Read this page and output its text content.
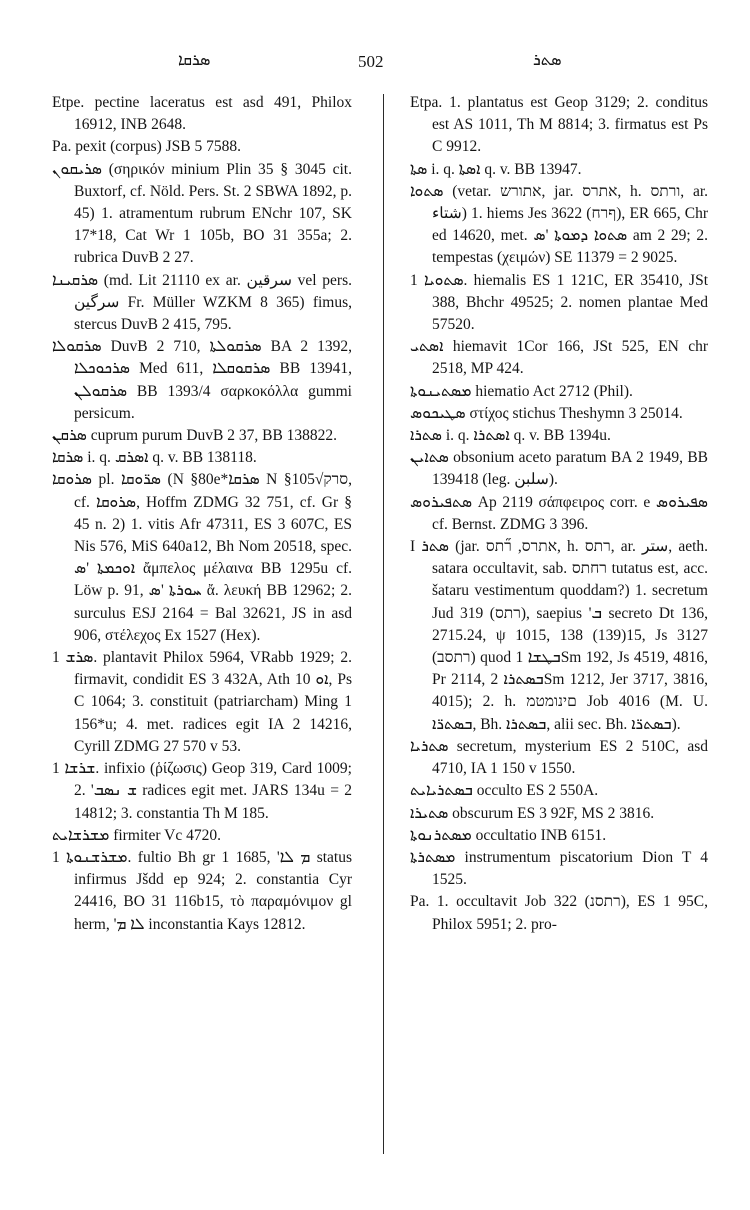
ܣܪܩܐ	502	ܣܬܪ

Etpe. pectine laceratus est asd 491, Philox 16912, INB 2648.

Pa. pexit (corpus) JSB 5 7588.

ܣܪܝܩܘܢ (σηρικόν minium Plin 35 § 3045 cit. Buxtorf, cf. Nöld. Pers. St. 2 SBWA 1892, p. 45) 1. atramentum rubrum ENchr 107, SK 17*18, Cat Wr 1 105b, BO 31 355a; 2. rubrica DuvB 2 27.

ܣܪܩܝܢܐ (md. Lit 21110 ex ar. سرقين vel pers. سرگين Fr. Müller WZKM 8 365) fimus, stercus DuvB 2 415, 795.

ܣܪܩܘܠܐ DuvB 2 710, ܣܪܩܘܠܬܐ BA 2 1392, ܣܪܟܘܟܠܐ Med 611, ܣܪܩܘܩܠܐ BB 13941, ܣܪܩܘܠܢ BB 1393/4 σαρκοκόλλα gummi persicum.

ܣܪܩܢ cuprum purum DuvB 2 37, BB 138822.

ܣܪܩܐ i. q. ܐܣܪܩ q. v. BB 138118.

ܣܪܘܩܐ pl. ܣܪ̈ܘܩܐ (N §80e*ܣܪܩܐ N §105√סרק, cf. ܣܪܘܩܐ, Hoffm ZDMG 32 751, cf. Gr § 45 n. 2) 1. vitis Afr 47311, ES 3 607C, ES Nis 576, MiS 640a12, Bh Nom 20518, spec. ܐܘܟܡܬܐ 'ܣ ἄμπελος μέλαινα BB 1295u cf. Löw p. 91, ܚܘܪܬܐ 'ܣ ἄ. λευκή BB 12962; 2. surculus ESJ 2164 = Bal 32621, JS in asd 906, στέλεχος Ex 1527 (Hex).

ܣܪܫ 1. plantavit Philox 5964, VRabb 1929; 2. firmavit, condidit ES 3 432A, Ath ܐܘ 10, Ps C 1064; 3. constituit (patriarcham) Ming 1 156*u; 4. met. radices egit IA 2 14216, Cyrill ZDMG 27 570 v 53.

ܫܪܫܐ 1. infixio (ῥίζωσις) Geop 319, Card 1009; 2. 'ܫ ܢܣܒ radices egit met. JARS 134u = 2 14812; 3. constantia Th M 185.

ܡܫܪܫܐܝܬ firmiter Vc 4720.

ܡܫܪܫܢܘܬܐ 1. fultio Bh gr 1 1685, 'ܡ ܠܐ status infirmus Jšdd ep 924; 2. constantia Cyr 24416, BO 31 116b15, τὸ παραμόνιμον gl herm, 'ܠܐ ܡ inconstantia Kays 12812.

Etpa. 1. plantatus est Geop 3129; 2. conditus est AS 1011, Th M 8814; 3. firmatus est Ps C 9912.

ܣܬܐ i. q. ܐܣܬܐ q. v. BB 13947.

ܣܬܘܐ (vetar. אתורש, jar. אתרס, h. ורתס, ar. شتاء) 1. hiems Jes 3622 (ףרח), ER 665, Chr ed 14620, met. ܣܬܘܐ ܕܡܘܬܐ 'ܣ am 2 29; 2. tempestas (χειμών) SE 11379 = 2 9025.

ܣܬܘܝܐ 1. hiemalis ES 1 121C, ER 35410, JSt 388, Bhchr 49525; 2. nomen plantae Med 57520.

ܐܣܬܝ hiemavit 1Cor 166, JSt 525, EN chr 2518, MP 424.

ܡܣܬܝܢܘܬܐ hiematio Act 2712 (Phil).

ܣܛܝܟܘܣ στίχος stichus Theshymn 3 25014.

ܣܬܪܐ i. q. ܐܣܬܪܐ q. v. BB 1394u.

ܣܬܐܝܢ obsonium aceto paratum BA 2 1949, BB 139418 (leg. سلبن).

ܣܬܦܝܪܘܣ Ap 2119 σάπφειρος corr. e ܣܦܝܪܘܣ cf. Bernst. ZDMG 3 396.

I ܣܬܪ (jar. אתרס, ר֞תס, h. רתס, ar. ستر, aeth. satara occultavit, sab. רחתס tutatus est, acc. šataru vestimentum quoddam?) 1. secretum Jud 319 (רתס), saepius 'ܒ secreto Dt 136, 2715.24, ψ 1015, 138 (139)15, Js 3127 (רתסב) quod ܒܛܫܐ 1Sm 192, Js 4519, 4816, Pr 2114, ܒܣܬܪܐ 2Sm 1212, Jer 3717, 3816, 4015); 2. h. םינומטמ Job 4016 (M. U. ܒܣܬܪ̈ܐ, Bh. ܒܣܬܪܐ, alii sec. Bh. ܒܣܬܪ̈ܐ).

ܣܬܪܝܐ secretum, mysterium ES 2 510C, asd 4710, IA 1 150 v 1550.

ܒܣܬܪܝܐܝܬ occulto ES 2 550A.

ܣܬܝܪܐ obscurum ES 3 92F, MS 2 3816.

ܡܣܬܪܢܘܬܐ occultatio INB 6151.

ܡܣܬܪܬܐ instrumentum piscatorium Dion T 4 1525.

Pa. 1. occultavit Job 322 (רתסנ), ES 1 95C, Philox 5951; 2. pro-
